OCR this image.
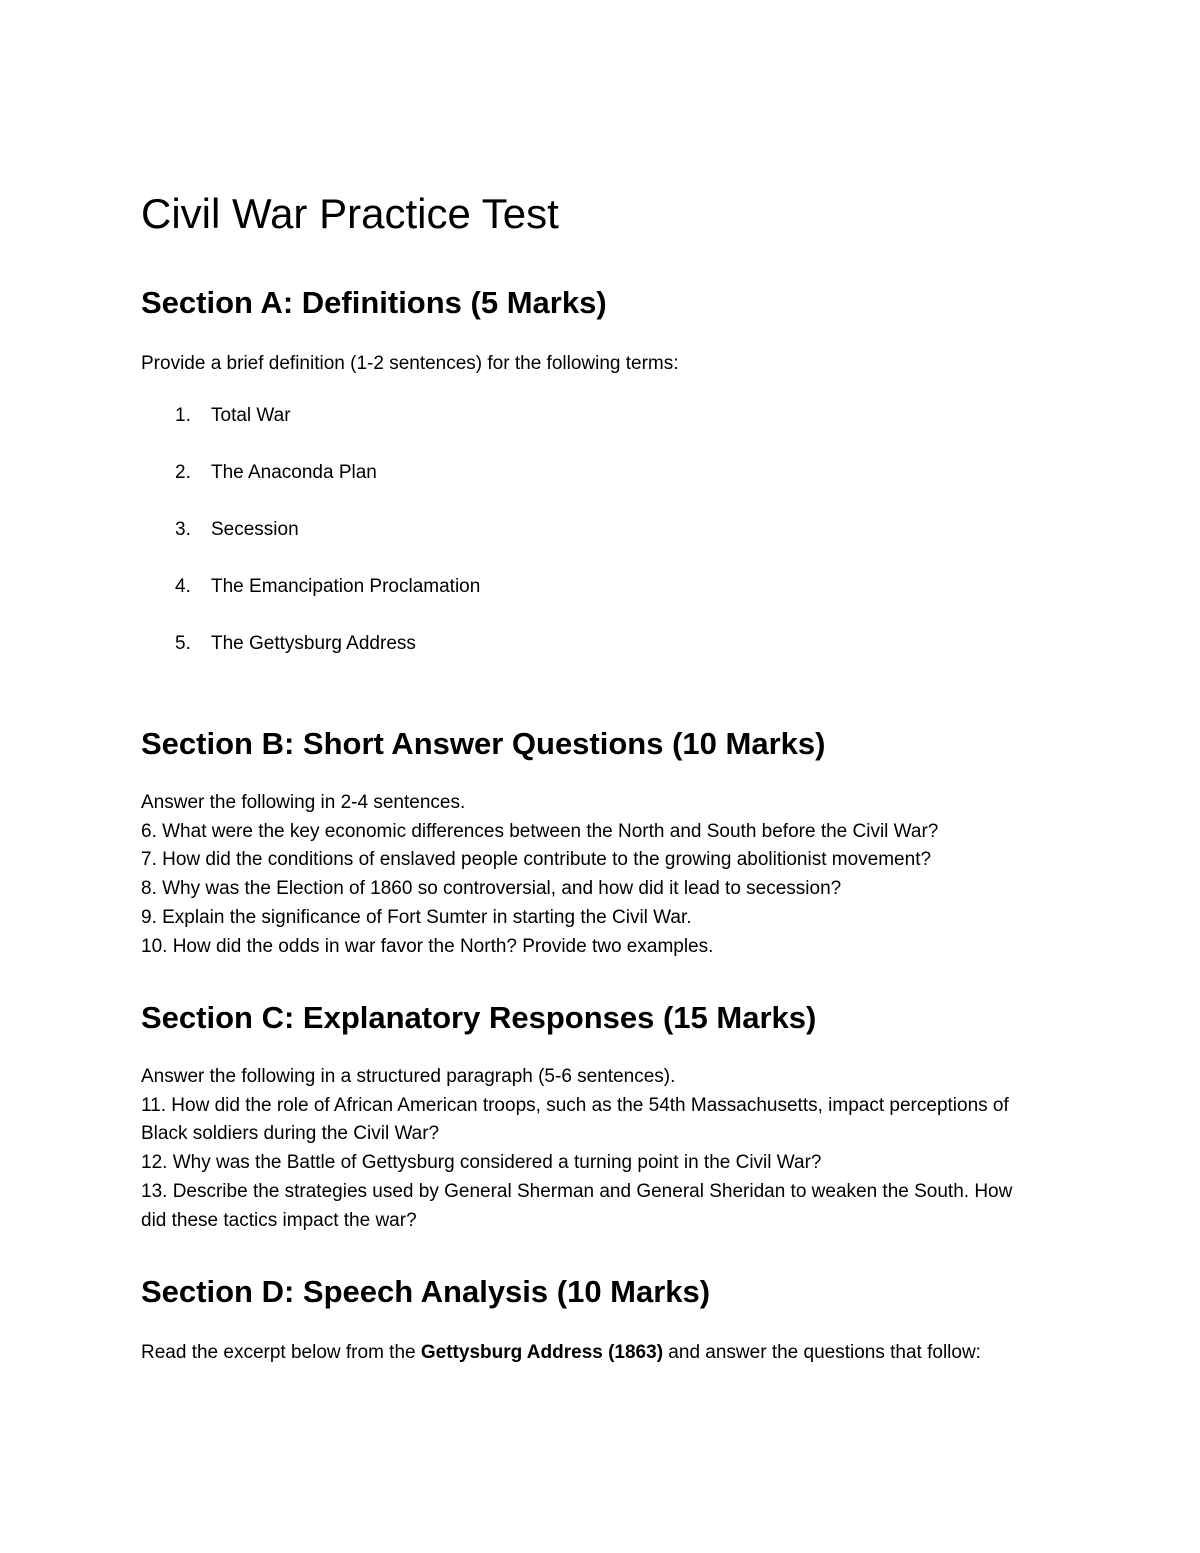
Civil War Practice Test
Section A: Definitions (5 Marks)

Provide a brief definition (1-2 sentences) for the following terms:

1.	Total War
2.	The Anaconda Plan
3.	Secession
4.	The Emancipation Proclamation
5.	The Gettysburg Address
Section B: Short Answer Questions (10 Marks)
Answer the following in 2-4 sentences.
6. What were the key economic differences between the North and South before the Civil War?
7. How did the conditions of enslaved people contribute to the growing abolitionist movement?
8. Why was the Election of 1860 so controversial, and how did it lead to secession?
9. Explain the significance of Fort Sumter in starting the Civil War.
10. How did the odds in war favor the North? Provide two examples.
Section C: Explanatory Responses (15 Marks)
Answer the following in a structured paragraph (5-6 sentences).
11. How did the role of African American troops, such as the 54th Massachusetts, impact perceptions of Black soldiers during the Civil War?
12. Why was the Battle of Gettysburg considered a turning point in the Civil War?
13. Describe the strategies used by General Sherman and General Sheridan to weaken the South. How did these tactics impact the war?
Section D: Speech Analysis (10 Marks)

Read the excerpt below from the Gettysburg Address (1863) and answer the questions that follow:
